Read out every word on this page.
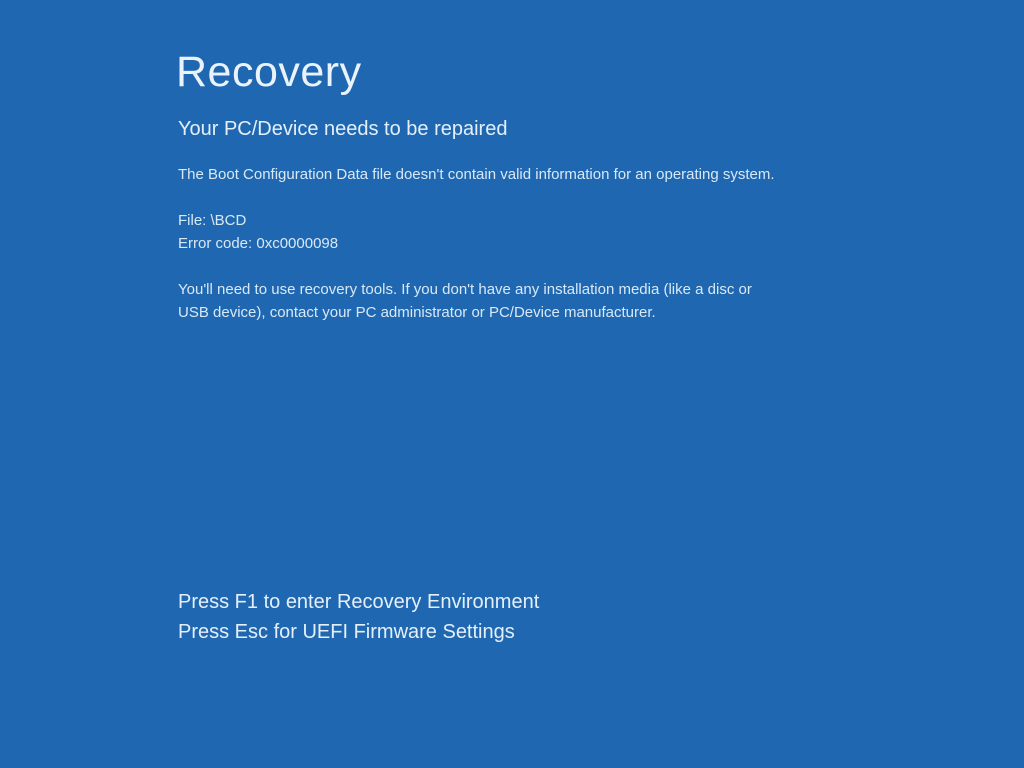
Recovery
Your PC/Device needs to be repaired
The Boot Configuration Data file doesn't contain valid information for an operating system.
File: \BCD
Error code: 0xc0000098
You'll need to use recovery tools. If you don't have any installation media (like a disc or USB device), contact your PC administrator or PC/Device manufacturer.
Press F1 to enter Recovery Environment
Press Esc for UEFI Firmware Settings
